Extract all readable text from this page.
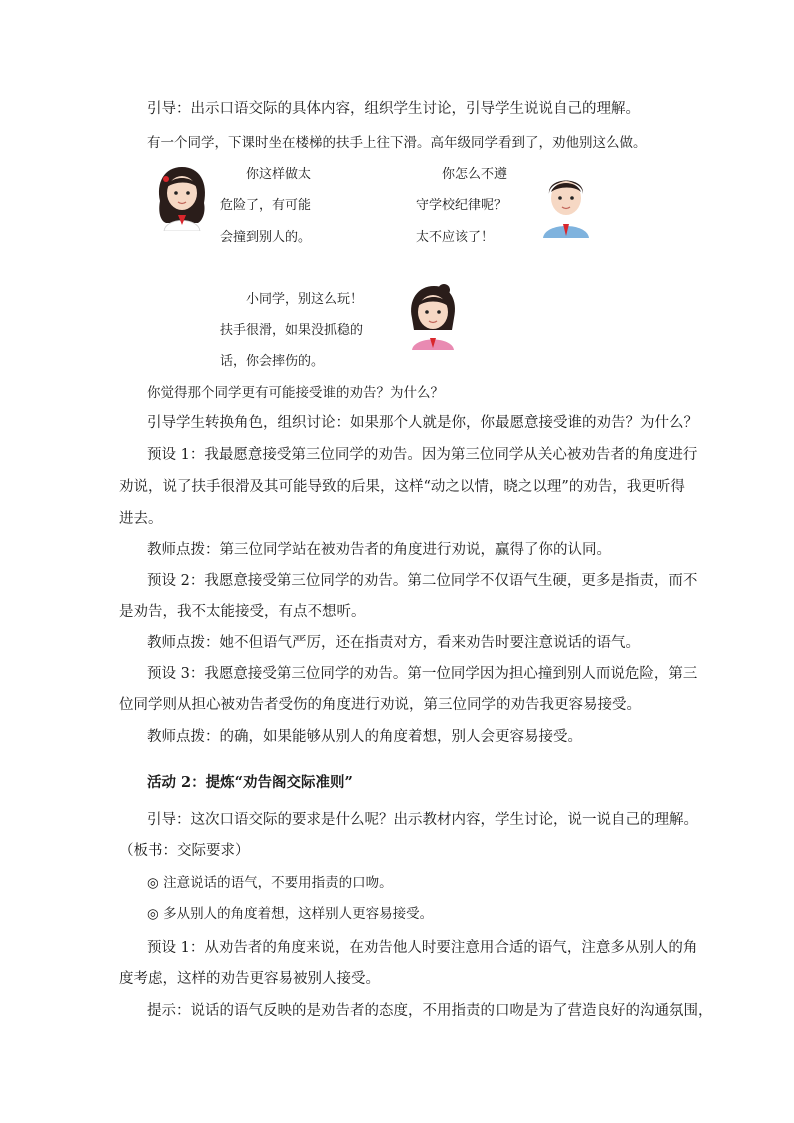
引导：出示口语交际的具体内容，组织学生讨论，引导学生说说自己的理解。
有一个同学，下课时坐在楼梯的扶手上往下滑。高年级同学看到了，劝他别这么做。
你这样做太
危险了，有可能
会撞到别人的。
你怎么不遵
守学校纪律呢？
太不应该了！
小同学，别这么玩！
扶手很滑，如果没抓稳的
话，你会摔伤的。
你觉得那个同学更有可能接受谁的劝告？为什么？
引导学生转换角色，组织讨论：如果那个人就是你，你最愿意接受谁的劝告？为什么？
预设 1：我最愿意接受第三位同学的劝告。因为第三位同学从关心被劝告者的角度进行
劝说，说了扶手很滑及其可能导致的后果，这样“动之以情，晓之以理”的劝告，我更听得
进去。
教师点拨：第三位同学站在被劝告者的角度进行劝说，赢得了你的认同。
预设 2：我愿意接受第三位同学的劝告。第二位同学不仅语气生硬，更多是指责，而不
是劝告，我不太能接受，有点不想听。
教师点拨：她不但语气严厉，还在指责对方，看来劝告时要注意说话的语气。
预设 3：我愿意接受第三位同学的劝告。第一位同学因为担心撞到别人而说危险，第三
位同学则从担心被劝告者受伤的角度进行劝说，第三位同学的劝告我更容易接受。
教师点拨：的确，如果能够从别人的角度着想，别人会更容易接受。
活动 2：提炼“劝告阁交际准则”
引导：这次口语交际的要求是什么呢？出示教材内容，学生讨论，说一说自己的理解。
（板书：交际要求）
◎ 注意说话的语气，不要用指责的口吻。
◎ 多从别人的角度着想，这样别人更容易接受。
预设 1：从劝告者的角度来说，在劝告他人时要注意用合适的语气，注意多从别人的角
度考虑，这样的劝告更容易被别人接受。
提示：说话的语气反映的是劝告者的态度，不用指责的口吻是为了营造良好的沟通氛围，
